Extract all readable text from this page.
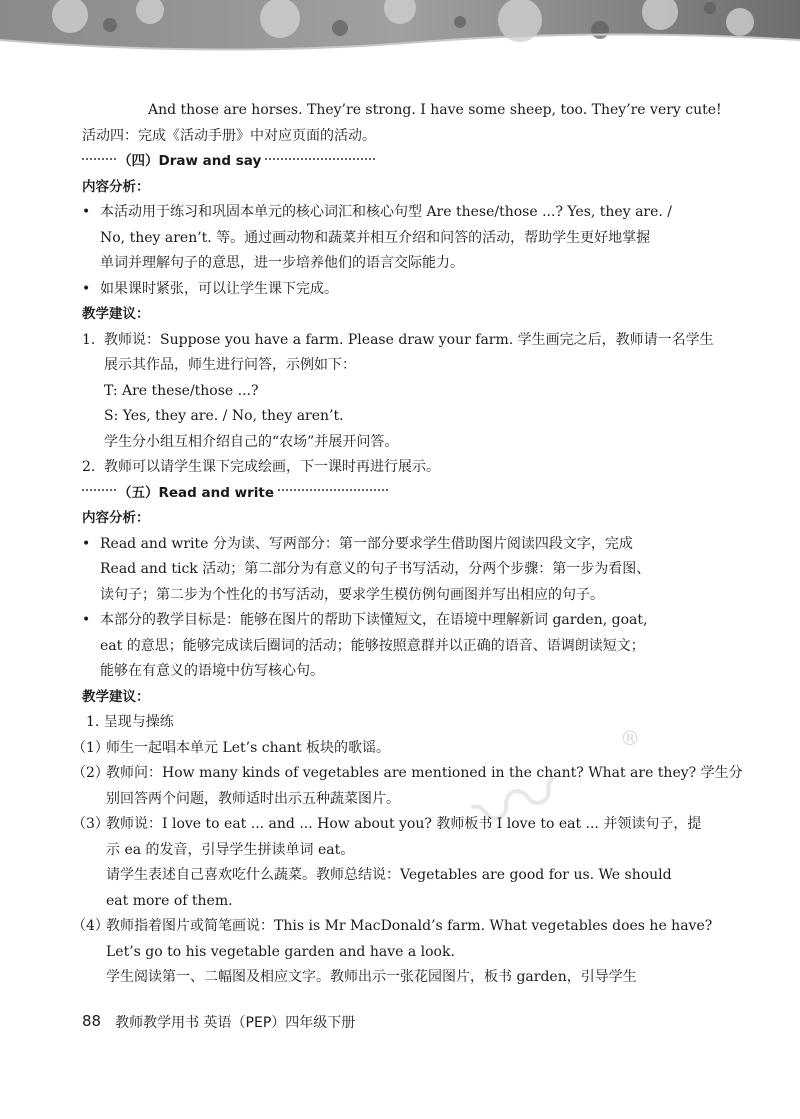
〰 ®
And those are horses. They’re strong. I have some sheep, too. They’re very cute!
活动四：完成《活动手册》中对应页面的活动。
（四）Draw and say
内容分析：
• 本活动用于练习和巩固本单元的核心词汇和核心句型 Are these/those ...? Yes, they are. /
No, they aren’t. 等。通过画动物和蔬菜并相互介绍和问答的活动，帮助学生更好地掌握
单词并理解句子的意思，进一步培养他们的语言交际能力。
• 如果课时紧张，可以让学生课下完成。
教学建议：
1. 教师说：Suppose you have a farm. Please draw your farm. 学生画完之后，教师请一名学生
展示其作品，师生进行问答，示例如下：
T: Are these/those ...?
S: Yes, they are. / No, they aren’t.
学生分小组互相介绍自己的“农场”并展开问答。
2. 教师可以请学生课下完成绘画，下一课时再进行展示。
（五）Read and write
内容分析：
• Read and write 分为读、写两部分：第一部分要求学生借助图片阅读四段文字，完成
Read and tick 活动；第二部分为有意义的句子书写活动，分两个步骤：第一步为看图、
读句子；第二步为个性化的书写活动，要求学生模仿例句画图并写出相应的句子。
• 本部分的教学目标是：能够在图片的帮助下读懂短文，在语境中理解新词 garden, goat,
eat 的意思；能够完成读后圈词的活动；能够按照意群并以正确的语音、语调朗读短文；
能够在有意义的语境中仿写核心句。
教学建议：
1. 呈现与操练
（1）
师生一起唱本单元 Let’s chant 板块的歌谣。
（2）
教师问：How many kinds of vegetables are mentioned in the chant? What are they? 学生分
别回答两个问题，教师适时出示五种蔬菜图片。
（3）
教师说：I love to eat ... and ... How about you? 教师板书 I love to eat ... 并领读句子，提
示 ea 的发音，引导学生拼读单词 eat。
请学生表述自己喜欢吃什么蔬菜。教师总结说：Vegetables are good for us. We should
eat more of them.
（4）
教师指着图片或简笔画说：This is Mr MacDonald’s farm. What vegetables does he have?
Let’s go to his vegetable garden and have a look.
学生阅读第一、二幅图及相应文字。教师出示一张花园图片，板书 garden，引导学生
88 教师教学用书 英语（PEP）四年级下册
